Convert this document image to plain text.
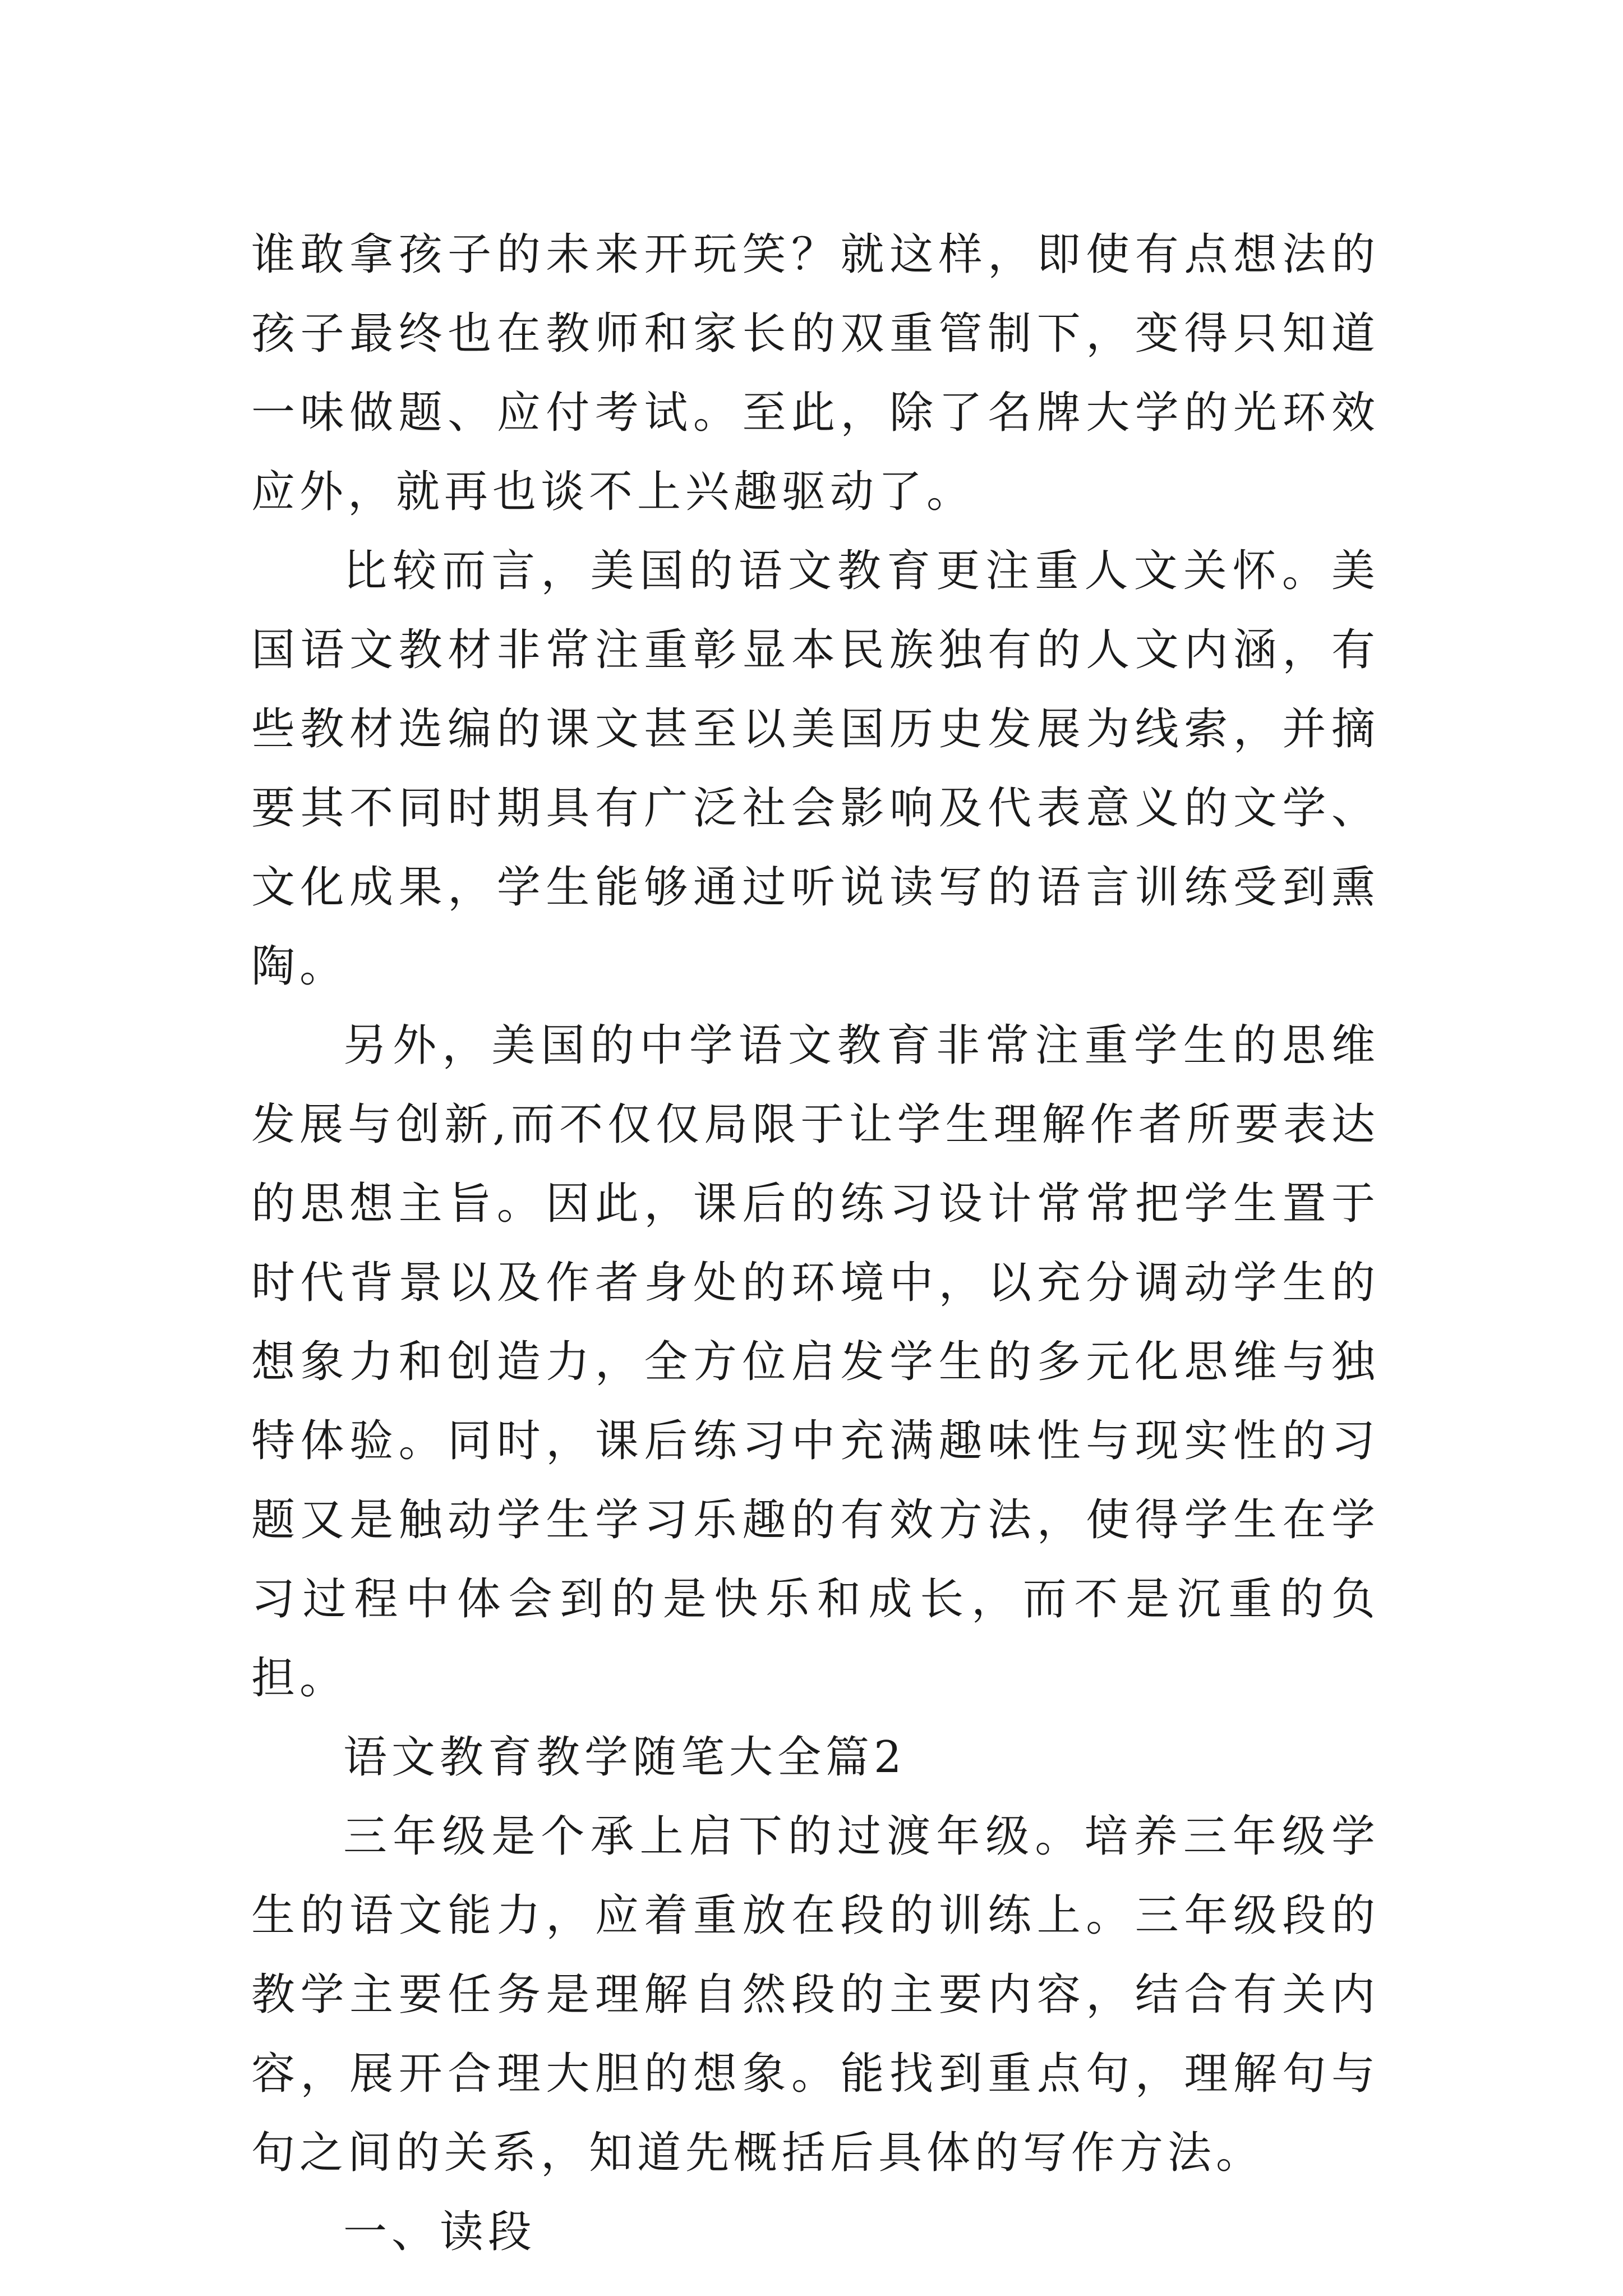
谁敢拿孩子的未来开玩笑？就这样，即使有点想法的孩子最终也在教师和家长的双重管制下，变得只知道一味做题、应付考试。至此，除了名牌大学的光环效应外，就再也谈不上兴趣驱动了。

比较而言，美国的语文教育更注重人文关怀。美国语文教材非常注重彰显本民族独有的人文内涵，有些教材选编的课文甚至以美国历史发展为线索，并摘要其不同时期具有广泛社会影响及代表意义的文学、文化成果，学生能够通过听说读写的语言训练受到熏陶。

另外，美国的中学语文教育非常注重学生的思维发展与创新,而不仅仅局限于让学生理解作者所要表达的思想主旨。因此，课后的练习设计常常把学生置于时代背景以及作者身处的环境中，以充分调动学生的想象力和创造力，全方位启发学生的多元化思维与独特体验。同时，课后练习中充满趣味性与现实性的习题又是触动学生学习乐趣的有效方法，使得学生在学习过程中体会到的是快乐和成长，而不是沉重的负担。

语文教育教学随笔大全篇2

三年级是个承上启下的过渡年级。培养三年级学生的语文能力，应着重放在段的训练上。三年级段的教学主要任务是理解自然段的主要内容，结合有关内容，展开合理大胆的想象。能找到重点句，理解句与句之间的关系，知道先概括后具体的写作方法。

一、读段
